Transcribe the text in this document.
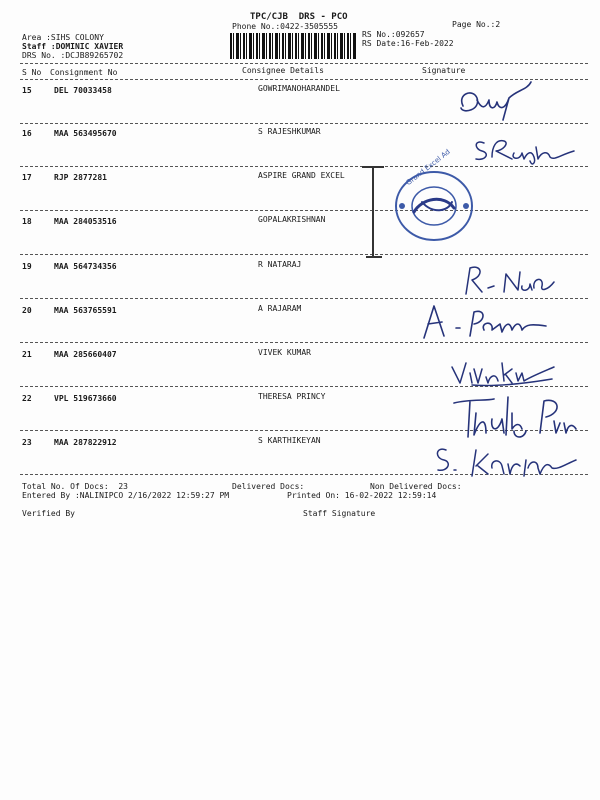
TPC/CJB  DRS - PCO
Phone No.:0422-3505555
Area :SIHS COLONY
Staff :DOMINIC XAVIER
DRS No. :DCJB89265702
Page No.:2
RS No.:092657
RS Date:16-Feb-2022
S No Consignment No	Consignee Details	Signature
15	DEL 70033458	GOWRIMANOHARANDEL
16	MAA 563495670	S RAJESHKUMAR
17	RJP 2877281	ASPIRE GRAND EXCEL
18	MAA 284053516	GOPALAKRISHNAN
19	MAA 564734356	R NATARAJ
20	MAA 563765591	A RAJARAM
21	MAA 285660407	VIVEK KUMAR
22	VPL 519673660	THERESA PRINCY
23	MAA 287822912	S KARTHIKEYAN
Grand Excel Ad
Total No. Of Docs:  23	Delivered Docs:	Non Delivered Docs:
Entered By :NALINIPCO 2/16/2022 12:59:27 PM	Printed On: 16-02-2022 12:59:14
Verified By	Staff Signature
